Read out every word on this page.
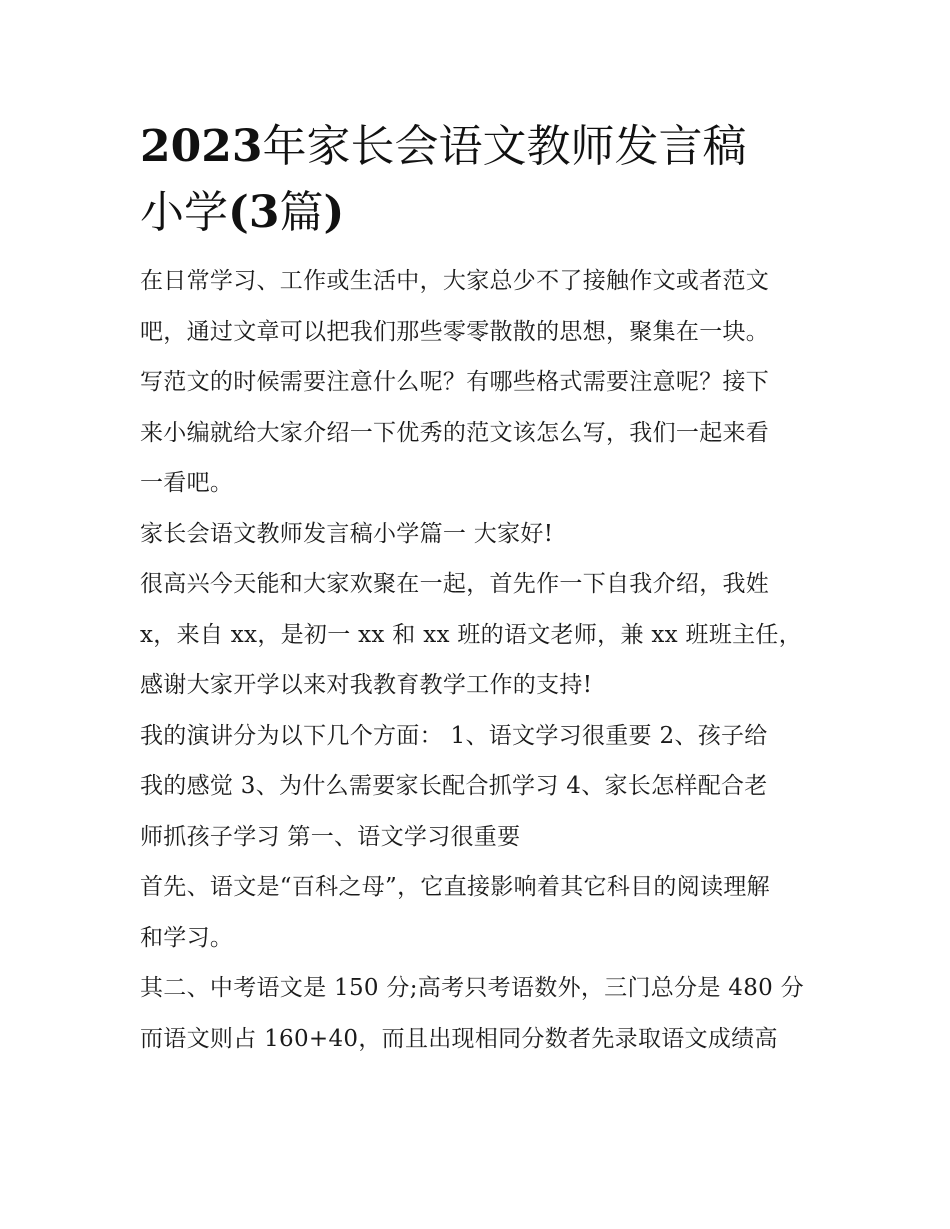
2023年家长会语文教师发言稿
小学(3篇)
在日常学习、工作或生活中，大家总少不了接触作文或者范文
吧，通过文章可以把我们那些零零散散的思想，聚集在一块。
写范文的时候需要注意什么呢？有哪些格式需要注意呢？接下
来小编就给大家介绍一下优秀的范文该怎么写，我们一起来看
一看吧。
家长会语文教师发言稿小学篇一 大家好!
很高兴今天能和大家欢聚在一起，首先作一下自我介绍，我姓
x，来自 xx，是初一 xx 和 xx 班的语文老师，兼 xx 班班主任，
感谢大家开学以来对我教育教学工作的支持!
我的演讲分为以下几个方面： 1、语文学习很重要 2、孩子给
我的感觉 3、为什么需要家长配合抓学习 4、家长怎样配合老
师抓孩子学习 第一、语文学习很重要
首先、语文是“百科之母”，它直接影响着其它科目的阅读理解
和学习。
其二、中考语文是 150 分;高考只考语数外，三门总分是 480 分
而语文则占 160+40，而且出现相同分数者先录取语文成绩高
